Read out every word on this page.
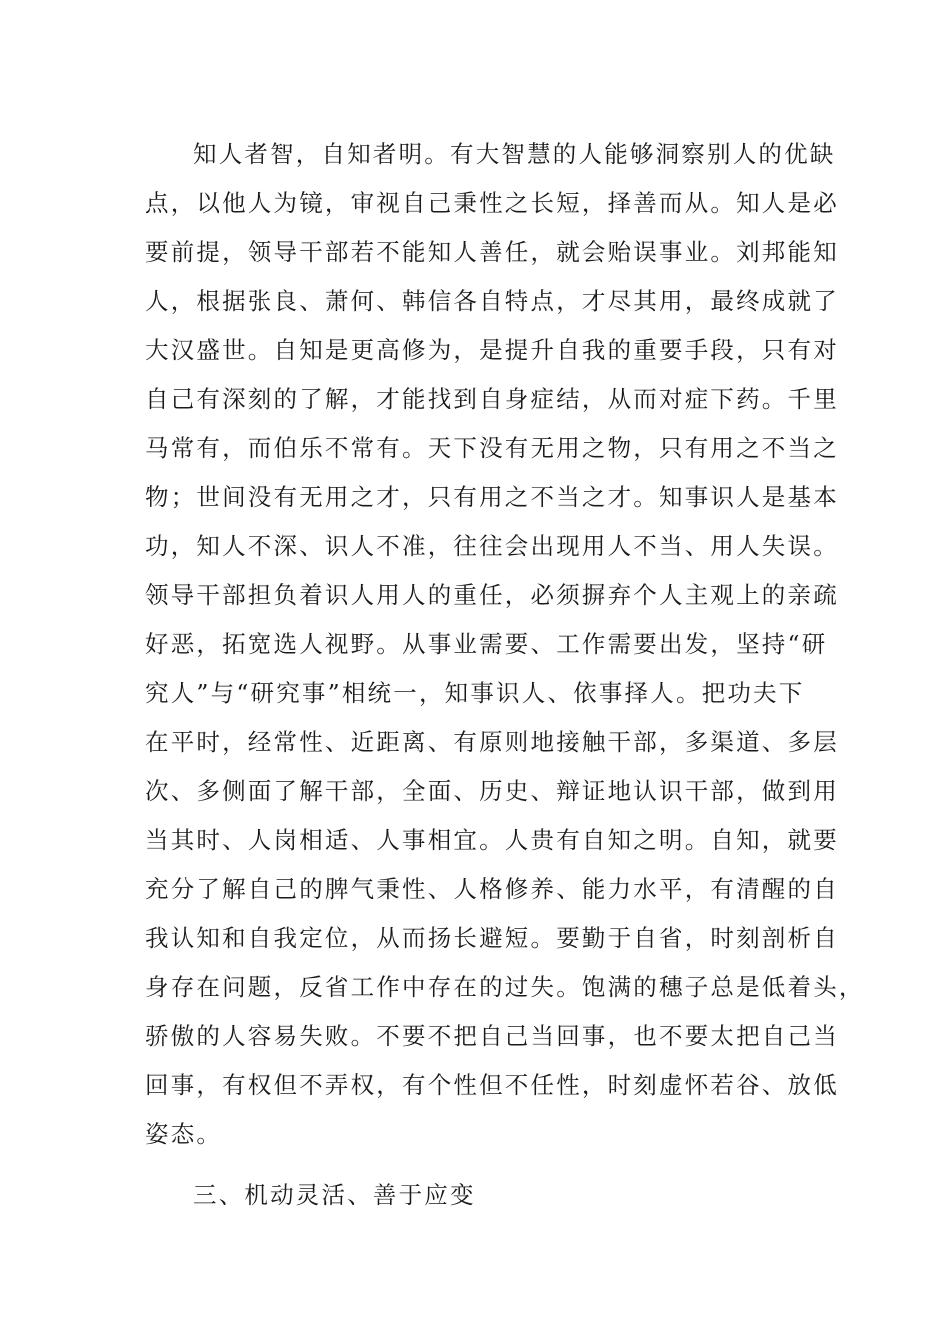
知人者智，自知者明。有大智慧的人能够洞察别人的优缺

点，以他人为镜，审视自己秉性之长短，择善而从。知人是必

要前提，领导干部若不能知人善任，就会贻误事业。刘邦能知

人，根据张良、萧何、韩信各自特点，才尽其用，最终成就了

大汉盛世。自知是更高修为，是提升自我的重要手段，只有对

自己有深刻的了解，才能找到自身症结，从而对症下药。千里

马常有，而伯乐不常有。天下没有无用之物，只有用之不当之

物；世间没有无用之才，只有用之不当之才。知事识人是基本

功，知人不深、识人不准，往往会出现用人不当、用人失误。

领导干部担负着识人用人的重任，必须摒弃个人主观上的亲疏

好恶，拓宽选人视野。从事业需要、工作需要出发，坚持“研

究人”与“研究事”相统一，知事识人、依事择人。把功夫下

在平时，经常性、近距离、有原则地接触干部，多渠道、多层

次、多侧面了解干部，全面、历史、辩证地认识干部，做到用

当其时、人岗相适、人事相宜。人贵有自知之明。自知，就要

充分了解自己的脾气秉性、人格修养、能力水平，有清醒的自

我认知和自我定位，从而扬长避短。要勤于自省，时刻剖析自

身存在问题，反省工作中存在的过失。饱满的穗子总是低着头，

骄傲的人容易失败。不要不把自己当回事，也不要太把自己当

回事，有权但不弄权，有个性但不任性，时刻虚怀若谷、放低

姿态。

三、机动灵活、善于应变
